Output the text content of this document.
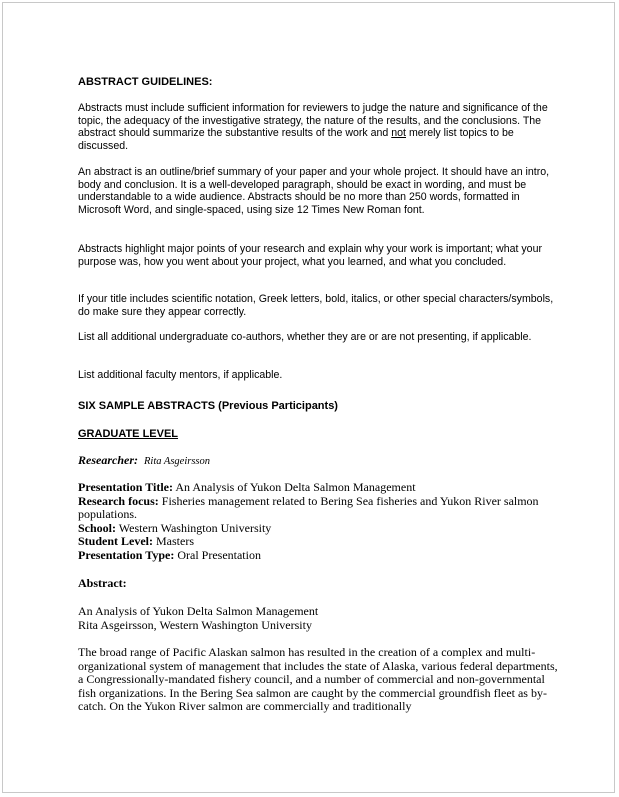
ABSTRACT GUIDELINES:

Abstracts must include sufficient information for reviewers to judge the nature and significance of the topic, the adequacy of the investigative strategy, the nature of the results, and the conclusions. The abstract should summarize the substantive results of the work and not merely list topics to be discussed.

An abstract is an outline/brief summary of your paper and your whole project. It should have an intro, body and conclusion. It is a well-developed paragraph, should be exact in wording, and must be understandable to a wide audience. Abstracts should be no more than 250 words, formatted in Microsoft Word, and single-spaced, using size 12 Times New Roman font.

Abstracts highlight major points of your research and explain why your work is important; what your purpose was, how you went about your project, what you learned, and what you concluded.

If your title includes scientific notation, Greek letters, bold, italics, or other special characters/symbols, do make sure they appear correctly.

List all additional undergraduate co-authors, whether they are or are not presenting, if applicable.

List additional faculty mentors, if applicable.

SIX SAMPLE ABSTRACTS (Previous Participants)

GRADUATE LEVEL

Researcher: Rita Asgeirsson

Presentation Title: An Analysis of Yukon Delta Salmon Management
Research focus: Fisheries management related to Bering Sea fisheries and Yukon River salmon populations.
School: Western Washington University
Student Level: Masters
Presentation Type: Oral Presentation

Abstract:

An Analysis of Yukon Delta Salmon Management
Rita Asgeirsson, Western Washington University

The broad range of Pacific Alaskan salmon has resulted in the creation of a complex and multi-organizational system of management that includes the state of Alaska, various federal departments, a Congressionally-mandated fishery council, and a number of commercial and non-governmental fish organizations. In the Bering Sea salmon are caught by the commercial groundfish fleet as by-catch. On the Yukon River salmon are commercially and traditionally
